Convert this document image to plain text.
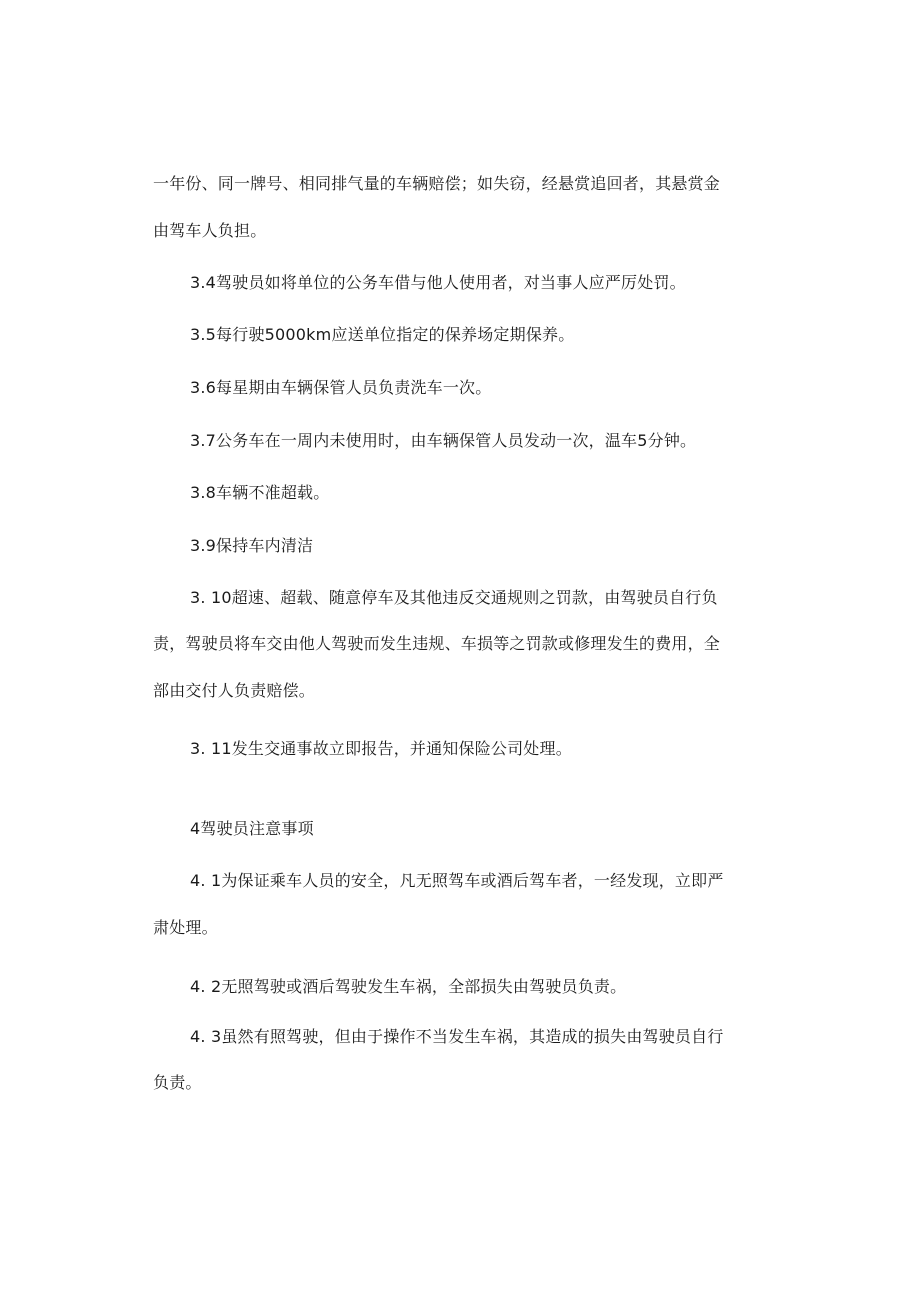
一年份、同一牌号、相同排气量的车辆赔偿；如失窃，经悬赏追回者，其悬赏金
由驾车人负担。
3.4驾驶员如将单位的公务车借与他人使用者，对当事人应严厉处罚。
3.5每行驶5000km应送单位指定的保养场定期保养。
3.6每星期由车辆保管人员负责洗车一次。
3.7公务车在一周内未使用时，由车辆保管人员发动一次，温车5分钟。
3.8车辆不准超载。
3.9保持车内清洁
3. 10超速、超载、随意停车及其他违反交通规则之罚款，由驾驶员自行负
责，驾驶员将车交由他人驾驶而发生违规、车损等之罚款或修理发生的费用，全
部由交付人负责赔偿。
3. 11发生交通事故立即报告，并通知保险公司处理。
4驾驶员注意事项
4. 1为保证乘车人员的安全，凡无照驾车或酒后驾车者，一经发现，立即严
肃处理。
4. 2无照驾驶或酒后驾驶发生车祸，全部损失由驾驶员负责。
4. 3虽然有照驾驶，但由于操作不当发生车祸，其造成的损失由驾驶员自行
负责。
